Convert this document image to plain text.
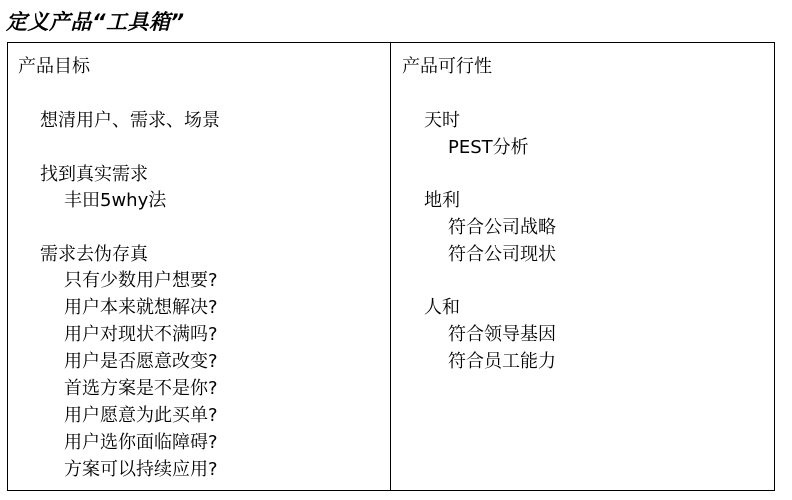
定义产品“工具箱”
产品目标
想清用户、需求、场景
找到真实需求
丰田5why法
需求去伪存真
只有少数用户想要?
用户本来就想解决?
用户对现状不满吗?
用户是否愿意改变?
首选方案是不是你?
用户愿意为此买单?
用户选你面临障碍?
方案可以持续应用?
产品可行性
天时
PEST分析
地利
符合公司战略
符合公司现状
人和
符合领导基因
符合员工能力
